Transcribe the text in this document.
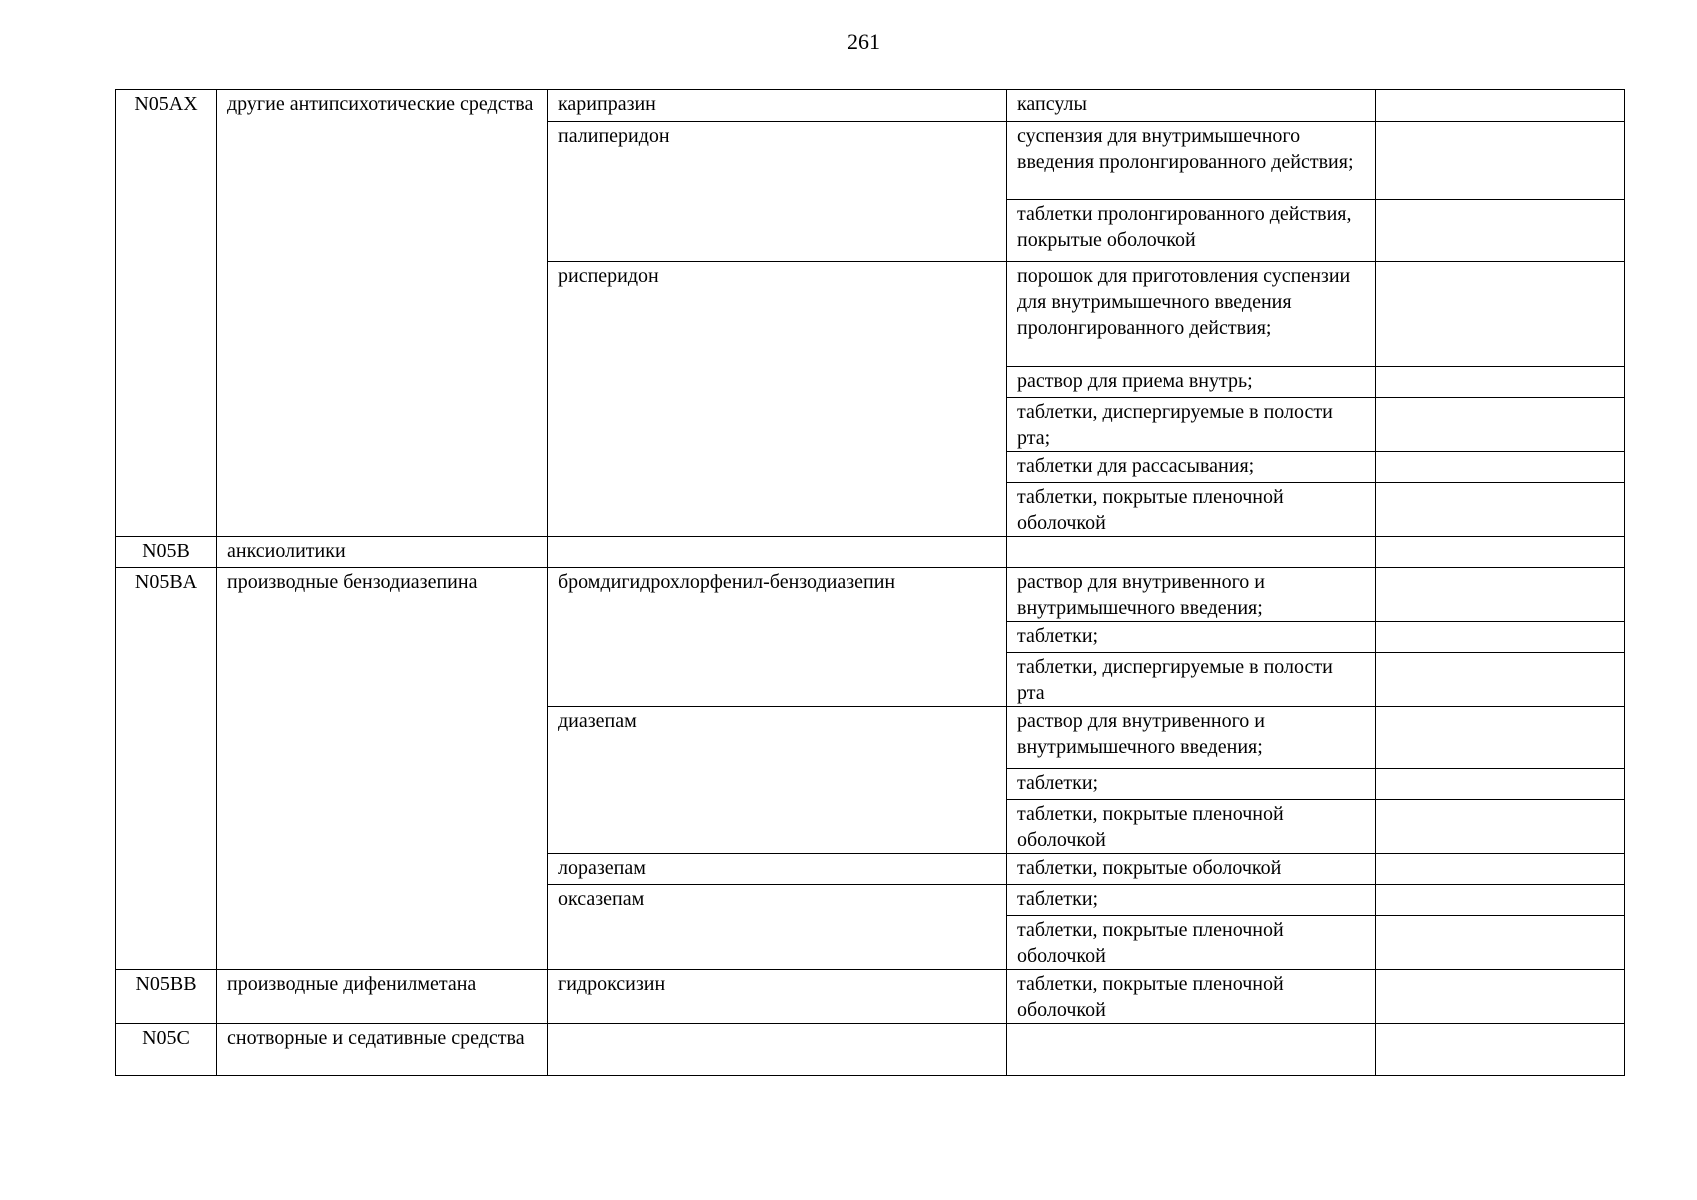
261
N05AX	другие антипсихотические средства	карипразин	капсулы	
		палиперидон	суспензия для внутримышечного введения пролонгированного действия;	
			таблетки пролонгированного действия, покрытые оболочкой	
		рисперидон	порошок для приготовления суспензии для внутримышечного введения пролонгированного действия;	
			раствор для приема внутрь;	
			таблетки, диспергируемые в полости рта;	
			таблетки для рассасывания;	
			таблетки, покрытые пленочной оболочкой	
N05B	анксиолитики			
N05BA	производные бензодиазепина	бромдигидрохлорфенил-бензодиазепин	раствор для внутривенного и внутримышечного введения;	
			таблетки;	
			таблетки, диспергируемые в полости рта	
		диазепам	раствор для внутривенного и внутримышечного введения;	
			таблетки;	
			таблетки, покрытые пленочной оболочкой	
		лоразепам	таблетки, покрытые оболочкой	
		оксазепам	таблетки;	
			таблетки, покрытые пленочной оболочкой	
N05BB	производные дифенилметана	гидроксизин	таблетки, покрытые пленочной оболочкой	
N05C	снотворные и седативные средства			
